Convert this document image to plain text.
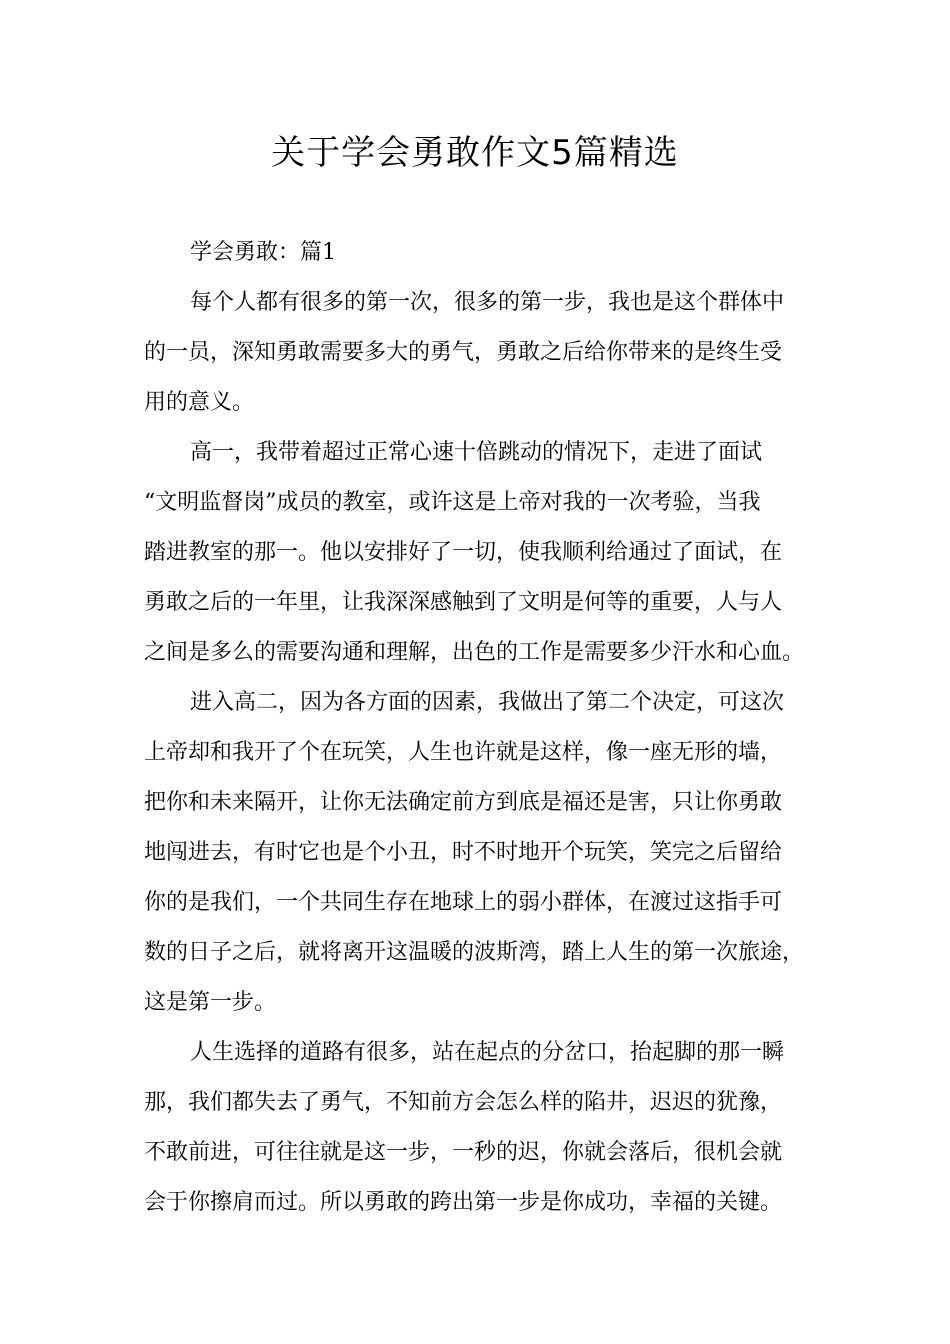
关于学会勇敢作文5篇精选
学会勇敢：篇1
每个人都有很多的第一次，很多的第一步，我也是这个群体中
的一员，深知勇敢需要多大的勇气，勇敢之后给你带来的是终生受
用的意义。
高一，我带着超过正常心速十倍跳动的情况下，走进了面试
“文明监督岗”成员的教室，或许这是上帝对我的一次考验，当我
踏进教室的那一。他以安排好了一切，使我顺利给通过了面试，在
勇敢之后的一年里，让我深深感触到了文明是何等的重要，人与人
之间是多么的需要沟通和理解，出色的工作是需要多少汗水和心血。
进入高二，因为各方面的因素，我做出了第二个决定，可这次
上帝却和我开了个在玩笑，人生也许就是这样，像一座无形的墙，
把你和未来隔开，让你无法确定前方到底是福还是害，只让你勇敢
地闯进去，有时它也是个小丑，时不时地开个玩笑，笑完之后留给
你的是我们，一个共同生存在地球上的弱小群体，在渡过这指手可
数的日子之后，就将离开这温暖的波斯湾，踏上人生的第一次旅途，
这是第一步。
人生选择的道路有很多，站在起点的分岔口，抬起脚的那一瞬
那，我们都失去了勇气，不知前方会怎么样的陷井，迟迟的犹豫，
不敢前进，可往往就是这一步，一秒的迟，你就会落后，很机会就
会于你擦肩而过。所以勇敢的跨出第一步是你成功，幸福的关键。
